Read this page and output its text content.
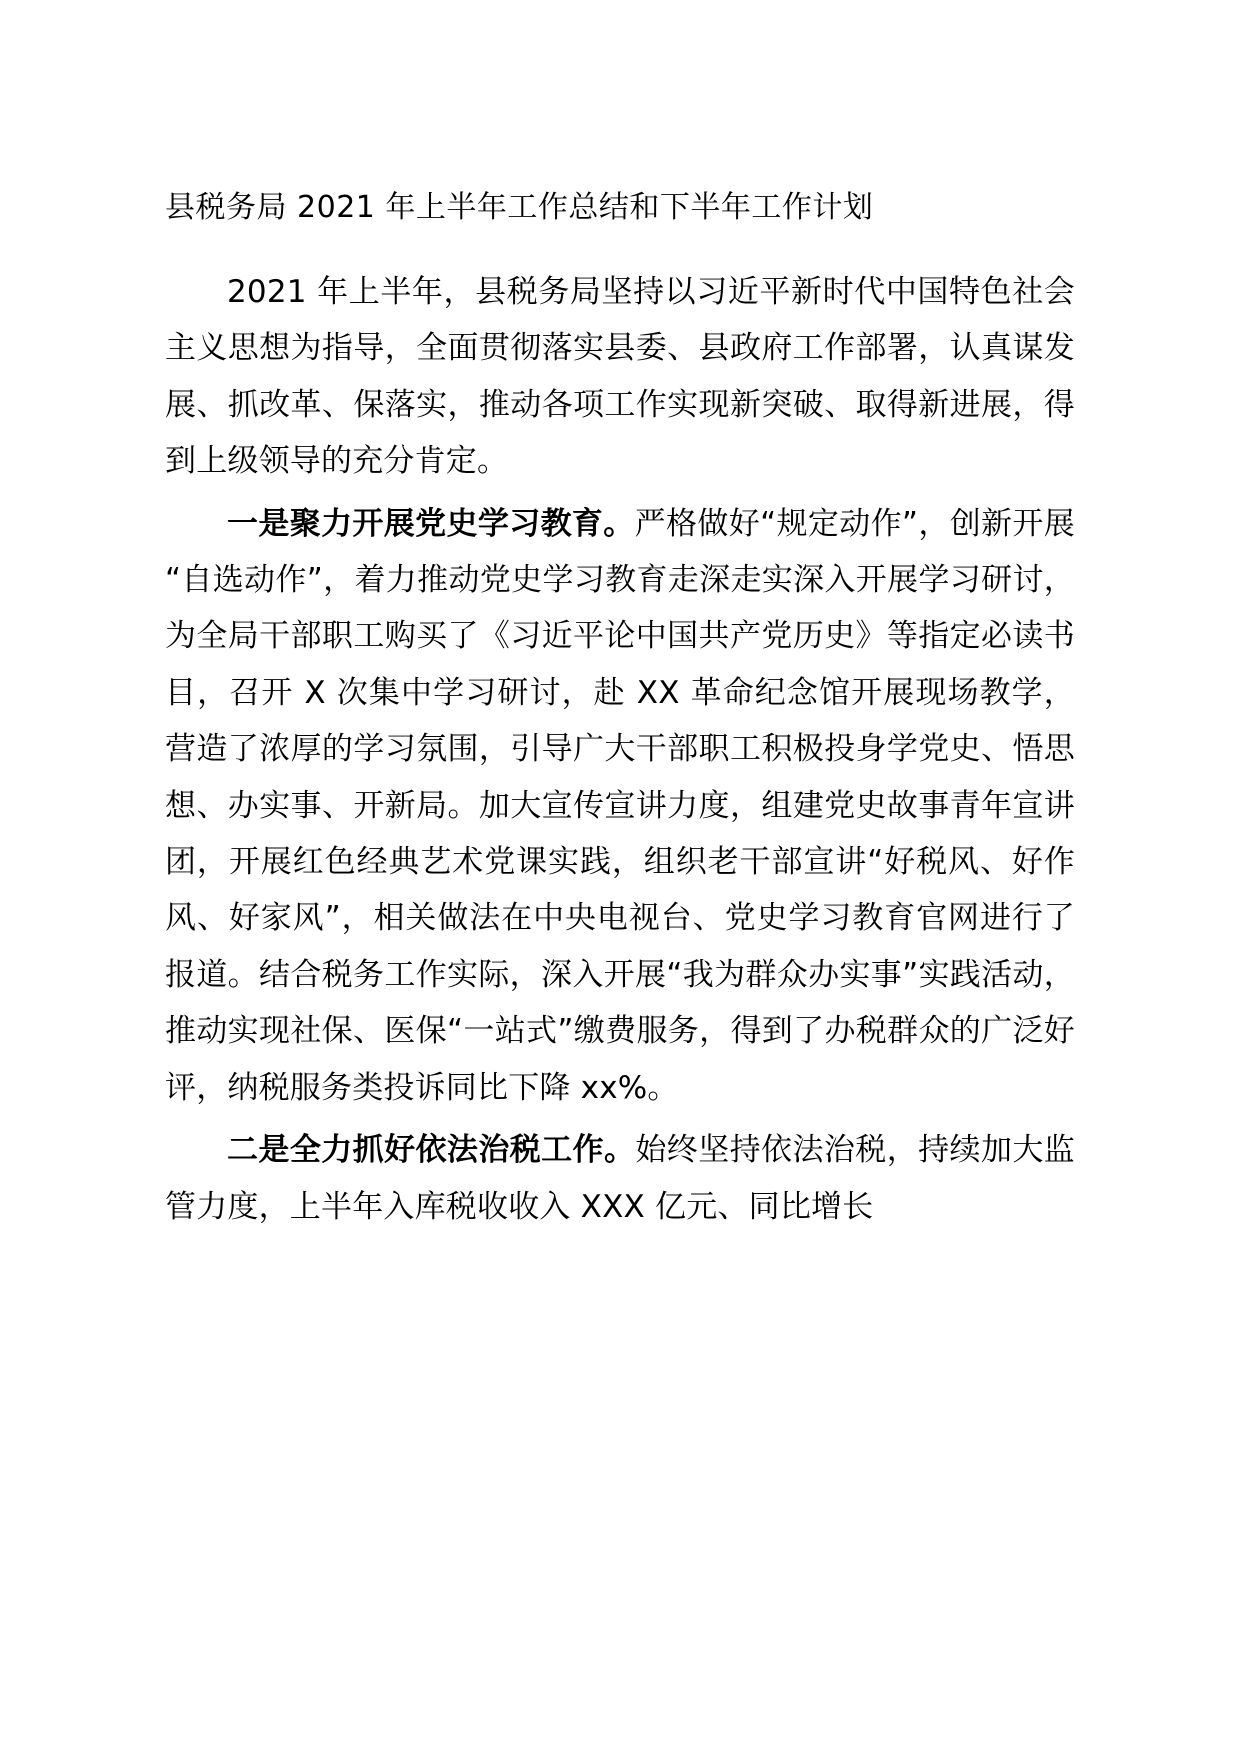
县税务局 2021 年上半年工作总结和下半年工作计划

2021 年上半年，县税务局坚持以习近平新时代中国特色社会主义思想为指导，全面贯彻落实县委、县政府工作部署，认真谋发展、抓改革、保落实，推动各项工作实现新突破、取得新进展，得到上级领导的充分肯定。

一是聚力开展党史学习教育。严格做好“规定动作”，创新开展“自选动作”，着力推动党史学习教育走深走实深入开展学习研讨，为全局干部职工购买了《习近平论中国共产党历史》等指定必读书目，召开 X 次集中学习研讨，赴 XX 革命纪念馆开展现场教学，营造了浓厚的学习氛围，引导广大干部职工积极投身学党史、悟思想、办实事、开新局。加大宣传宣讲力度，组建党史故事青年宣讲团，开展红色经典艺术党课实践，组织老干部宣讲“好税风、好作风、好家风”，相关做法在中央电视台、党史学习教育官网进行了报道。结合税务工作实际，深入开展“我为群众办实事”实践活动，推动实现社保、医保“一站式”缴费服务，得到了办税群众的广泛好评，纳税服务类投诉同比下降 xx%。

二是全力抓好依法治税工作。始终坚持依法治税，持续加大监管力度，上半年入库税收收入 XXX 亿元、同比增长
